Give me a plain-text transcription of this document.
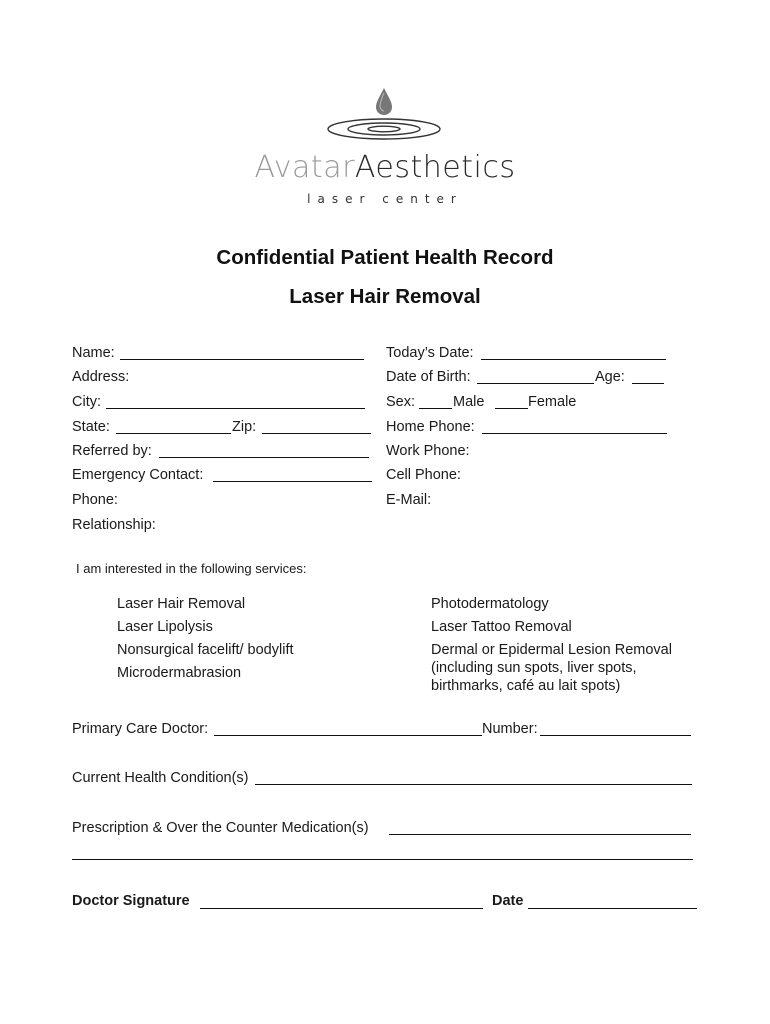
AvatarAesthetics
laser center
Confidential Patient Health Record
Laser Hair Removal
Name:
Address:
City:
State:	Zip:
Referred by:
Emergency Contact:
Phone:
Relationship:
Today’s Date:
Date of Birth:	Age:
Sex:	Male	Female
Home Phone:
Work Phone:
Cell Phone:
E-Mail:
I am interested in the following services:
Laser Hair Removal
Laser Lipolysis
Nonsurgical facelift/ bodylift
Microdermabrasion
Photodermatology
Laser Tattoo Removal
Dermal or Epidermal Lesion Removal
(including sun spots, liver spots,
birthmarks, café au lait spots)
Primary Care Doctor:	Number:
Current Health Condition(s)
Prescription & Over the Counter Medication(s)
Doctor Signature	Date
